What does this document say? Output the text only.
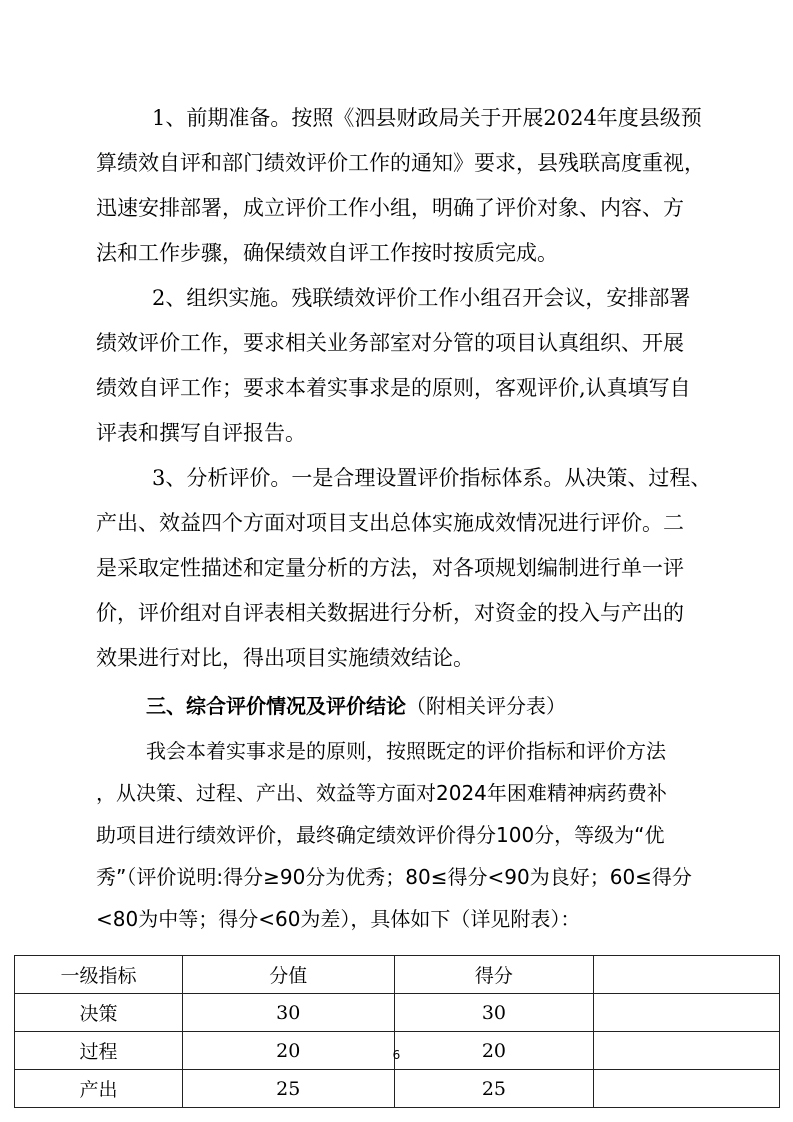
1、前期准备。按照《泗县财政局关于开展2024年度县级预
算绩效自评和部门绩效评价工作的通知》要求，县残联高度重视，
迅速安排部署，成立评价工作小组，明确了评价对象、内容、方
法和工作步骤，确保绩效自评工作按时按质完成。
2、组织实施。残联绩效评价工作小组召开会议，安排部署
绩效评价工作，要求相关业务部室对分管的项目认真组织、开展
绩效自评工作；要求本着实事求是的原则，客观评价,认真填写自
评表和撰写自评报告。
3、分析评价。一是合理设置评价指标体系。从决策、过程、
产出、效益四个方面对项目支出总体实施成效情况进行评价。二
是采取定性描述和定量分析的方法，对各项规划编制进行单一评
价，评价组对自评表相关数据进行分析，对资金的投入与产出的
效果进行对比，得出项目实施绩效结论。
三、综合评价情况及评价结论（附相关评分表）
我会本着实事求是的原则，按照既定的评价指标和评价方法
，从决策、过程、产出、效益等方面对2024年困难精神病药费补
助项目进行绩效评价，最终确定绩效评价得分100分，等级为“优
秀”（评价说明:得分≥90分为优秀；80≤得分<90为良好；60≤得分
<80为中等；得分<60为差），具体如下（详见附表）：
一级指标	分值	得分	
决策	30	30	
过程	20	20	
产出	25	25	
6
